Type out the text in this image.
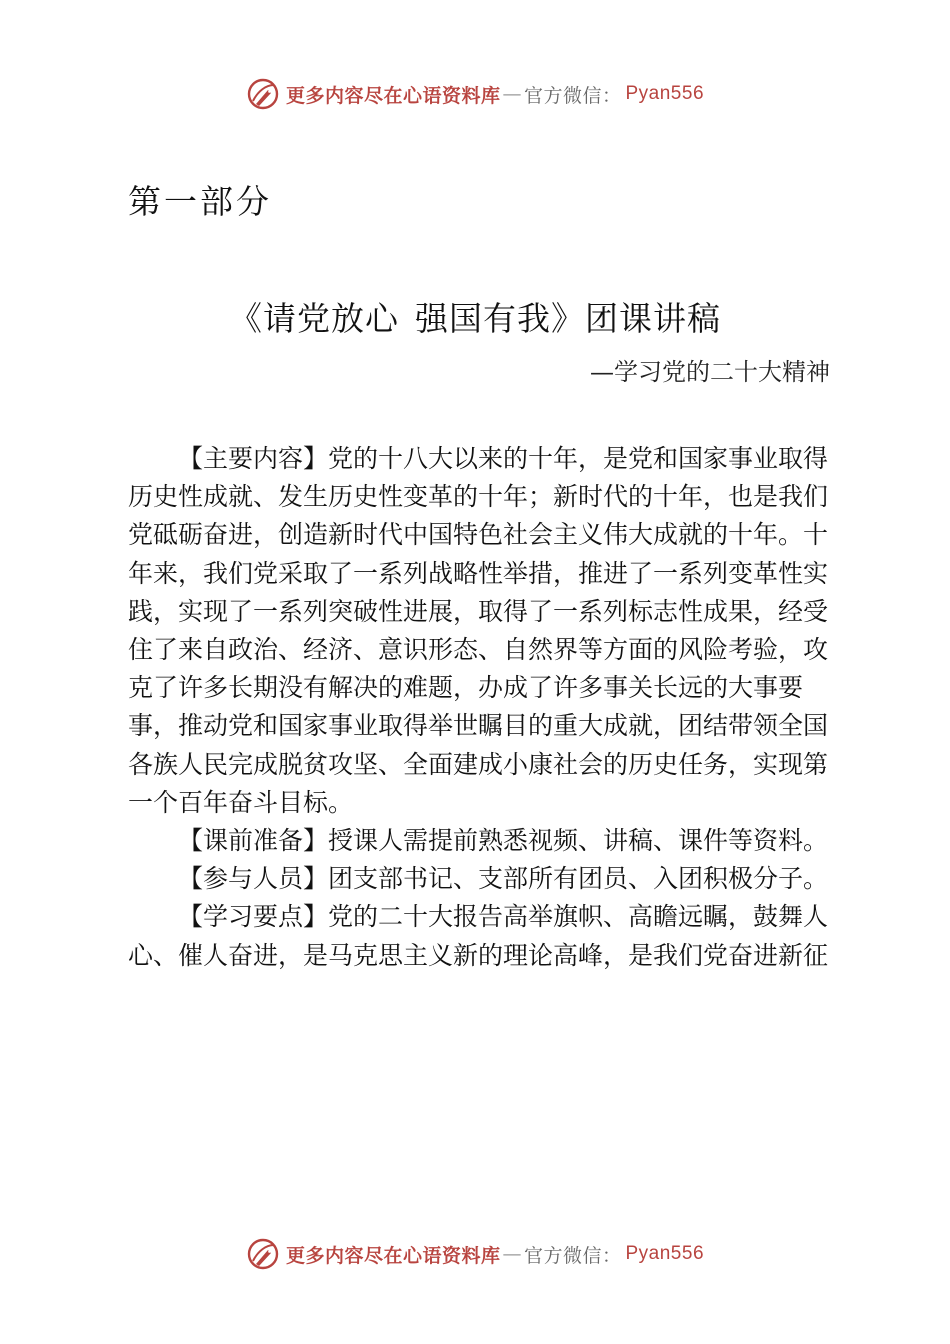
更多内容尽在心语资料库 — 官方微信： Pyan556
第一部分
《请党放心 强国有我》团课讲稿
—学习党的二十大精神

【主要内容】党的十八大以来的十年，是党和国家事业取得历史性成就、发生历史性变革的十年；新时代的十年，也是我们党砥砺奋进，创造新时代中国特色社会主义伟大成就的十年。十年来，我们党采取了一系列战略性举措，推进了一系列变革性实践，实现了一系列突破性进展，取得了一系列标志性成果，经受住了来自政治、经济、意识形态、自然界等方面的风险考验，攻克了许多长期没有解决的难题，办成了许多事关长远的大事要事，推动党和国家事业取得举世瞩目的重大成就，团结带领全国各族人民完成脱贫攻坚、全面建成小康社会的历史任务，实现第一个百年奋斗目标。

【课前准备】授课人需提前熟悉视频、讲稿、课件等资料。

【参与人员】团支部书记、支部所有团员、入团积极分子。

【学习要点】党的二十大报告高举旗帜、高瞻远瞩，鼓舞人心、催人奋进，是马克思主义新的理论高峰，是我们党奋进新征

更多内容尽在心语资料库 — 官方微信： Pyan556
